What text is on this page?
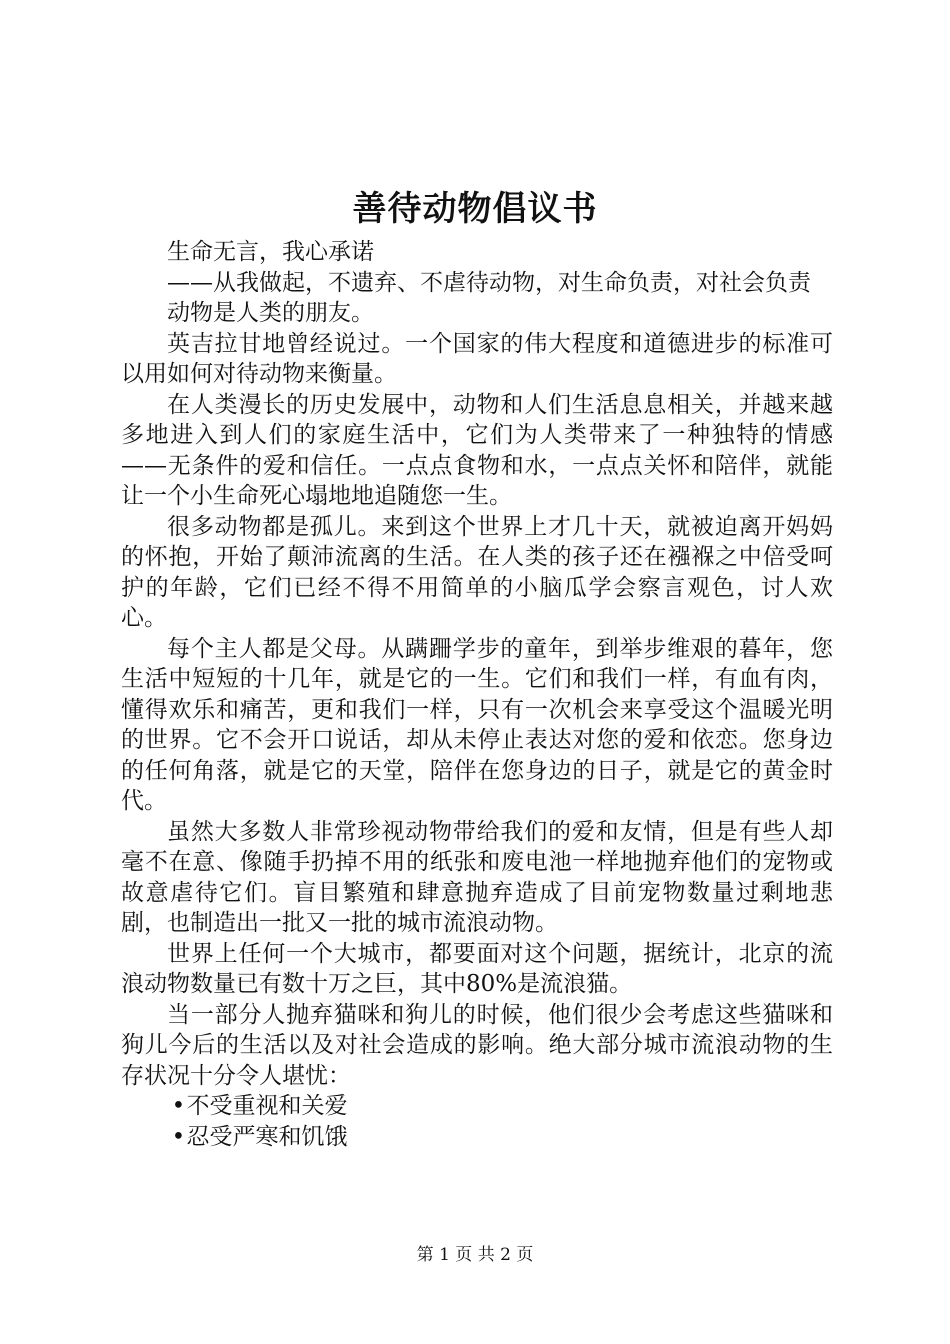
善待动物倡议书

生命无言，我心承诺

——从我做起，不遗弃、不虐待动物，对生命负责，对社会负责

动物是人类的朋友。

英吉拉甘地曾经说过。一个国家的伟大程度和道德进步的标准可以用如何对待动物来衡量。

在人类漫长的历史发展中，动物和人们生活息息相关，并越来越多地进入到人们的家庭生活中，它们为人类带来了一种独特的情感——无条件的爱和信任。一点点食物和水，一点点关怀和陪伴，就能让一个小生命死心塌地地追随您一生。

很多动物都是孤儿。来到这个世界上才几十天，就被迫离开妈妈的怀抱，开始了颠沛流离的生活。在人类的孩子还在襁褓之中倍受呵护的年龄，它们已经不得不用简单的小脑瓜学会察言观色，讨人欢心。

每个主人都是父母。从蹒跚学步的童年，到举步维艰的暮年，您生活中短短的十几年，就是它的一生。它们和我们一样，有血有肉，懂得欢乐和痛苦，更和我们一样，只有一次机会来享受这个温暖光明的世界。它不会开口说话，却从未停止表达对您的爱和依恋。您身边的任何角落，就是它的天堂，陪伴在您身边的日子，就是它的黄金时代。

虽然大多数人非常珍视动物带给我们的爱和友情，但是有些人却毫不在意、像随手扔掉不用的纸张和废电池一样地抛弃他们的宠物或故意虐待它们。盲目繁殖和肆意抛弃造成了目前宠物数量过剩地悲剧，也制造出一批又一批的城市流浪动物。

世界上任何一个大城市，都要面对这个问题，据统计，北京的流浪动物数量已有数十万之巨，其中80%是流浪猫。

当一部分人抛弃猫咪和狗儿的时候，他们很少会考虑这些猫咪和狗儿今后的生活以及对社会造成的影响。绝大部分城市流浪动物的生存状况十分令人堪忧：

• 不受重视和关爱
• 忍受严寒和饥饿
第 1 页 共 2 页
